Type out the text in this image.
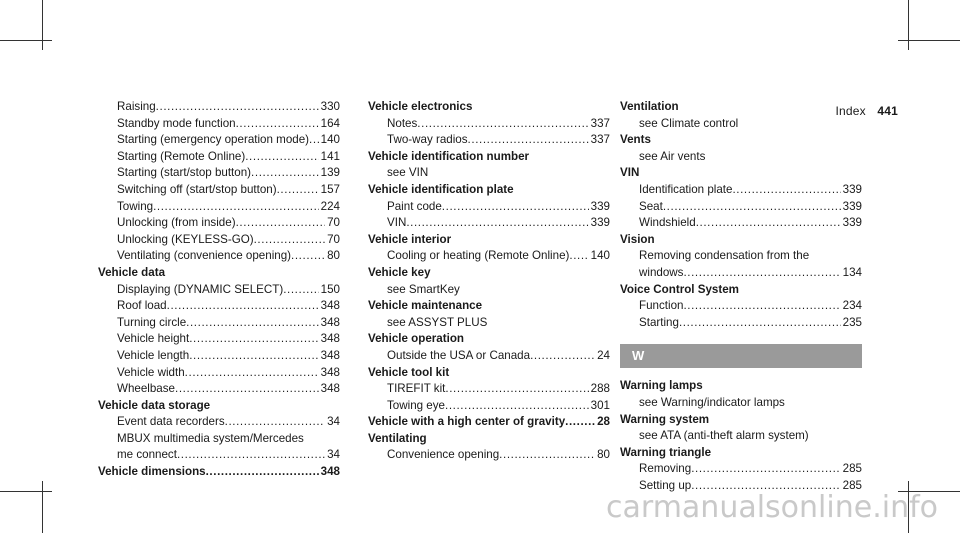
Index 441
Raising .....	330
Standby mode function .....	164
Starting (emergency operation mode) ..... 140
Starting (Remote Online) .....	141
Starting (start/stop button) .....	139
Switching off (start/stop button) .....	157
Towing .....	224
Unlocking (from inside) .....	70
Unlocking (KEYLESS-GO) .....	70
Ventilating (convenience opening) .....	80
Vehicle data
Displaying (DYNAMIC SELECT) .....	150
Roof load .....	348
Turning circle .....	348
Vehicle height .....	348
Vehicle length .....	348
Vehicle width .....	348
Wheelbase .....	348
Vehicle data storage
Event data recorders .....	34
MBUX multimedia system/Mercedes
me connect .....	34
Vehicle dimensions .....	348
Vehicle electronics
Notes .....	337
Two-way radios .....	337
Vehicle identification number
see VIN
Vehicle identification plate
Paint code .....	339
VIN .....	339
Vehicle interior
Cooling or heating (Remote Online) ..... 140
Vehicle key
see SmartKey
Vehicle maintenance
see ASSYST PLUS
Vehicle operation
Outside the USA or Canada .....	24
Vehicle tool kit
TIREFIT kit .....	288
Towing eye .....	301
Vehicle with a high center of gravity .....	28
Ventilating
Convenience opening .....	80
Ventilation
see Climate control
Vents
see Air vents
VIN
Identification plate .....	339
Seat .....	339
Windshield .....	339
Vision
Removing condensation from the
windows .....	134
Voice Control System
Function .....	234
Starting .....	235
W
Warning lamps
see Warning/indicator lamps
Warning system
see ATA (anti-theft alarm system)
Warning triangle
Removing .....	285
Setting up .....	285
carmanualsonline.info
